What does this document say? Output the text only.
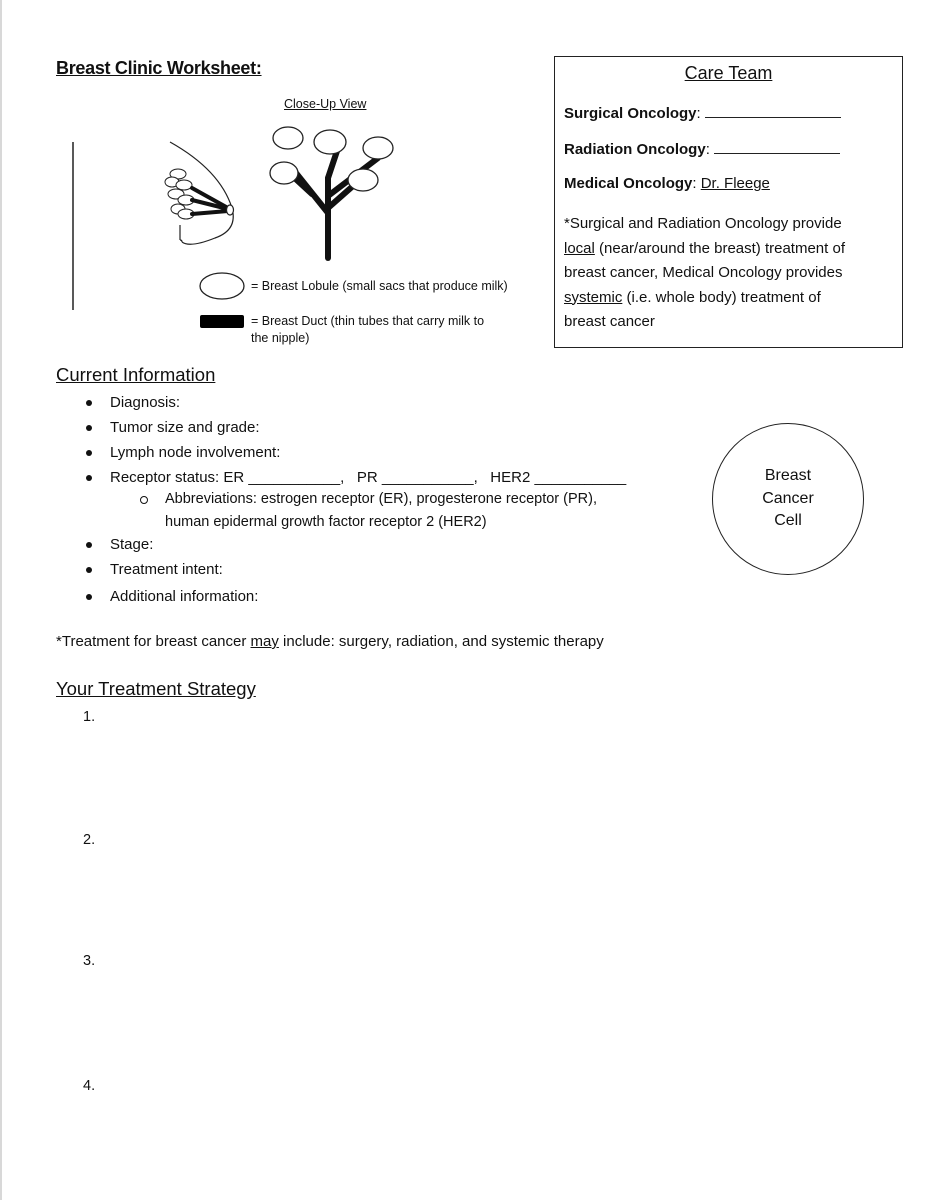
Breast Clinic Worksheet:
Close-Up View
= Breast Lobule (small sacs that produce milk)
= Breast Duct (thin tubes that carry milk to
the nipple)
Care Team
Surgical Oncology:
Radiation Oncology:
Medical Oncology: Dr. Fleege
*Surgical and Radiation Oncology provide
local (near/around the breast) treatment of
breast cancer, Medical Oncology provides
systemic (i.e. whole body) treatment of
breast cancer
Current Information
Diagnosis:
Tumor size and grade:
Lymph node involvement:
Receptor status: ER ___________,   PR ___________,   HER2 ___________
Abbreviations: estrogen receptor (ER), progesterone receptor (PR),
human epidermal growth factor receptor 2 (HER2)
Stage:
Treatment intent:
Additional information:
Breast
Cancer
Cell
*Treatment for breast cancer may include: surgery, radiation, and systemic therapy
Your Treatment Strategy
1.
2.
3.
4.
